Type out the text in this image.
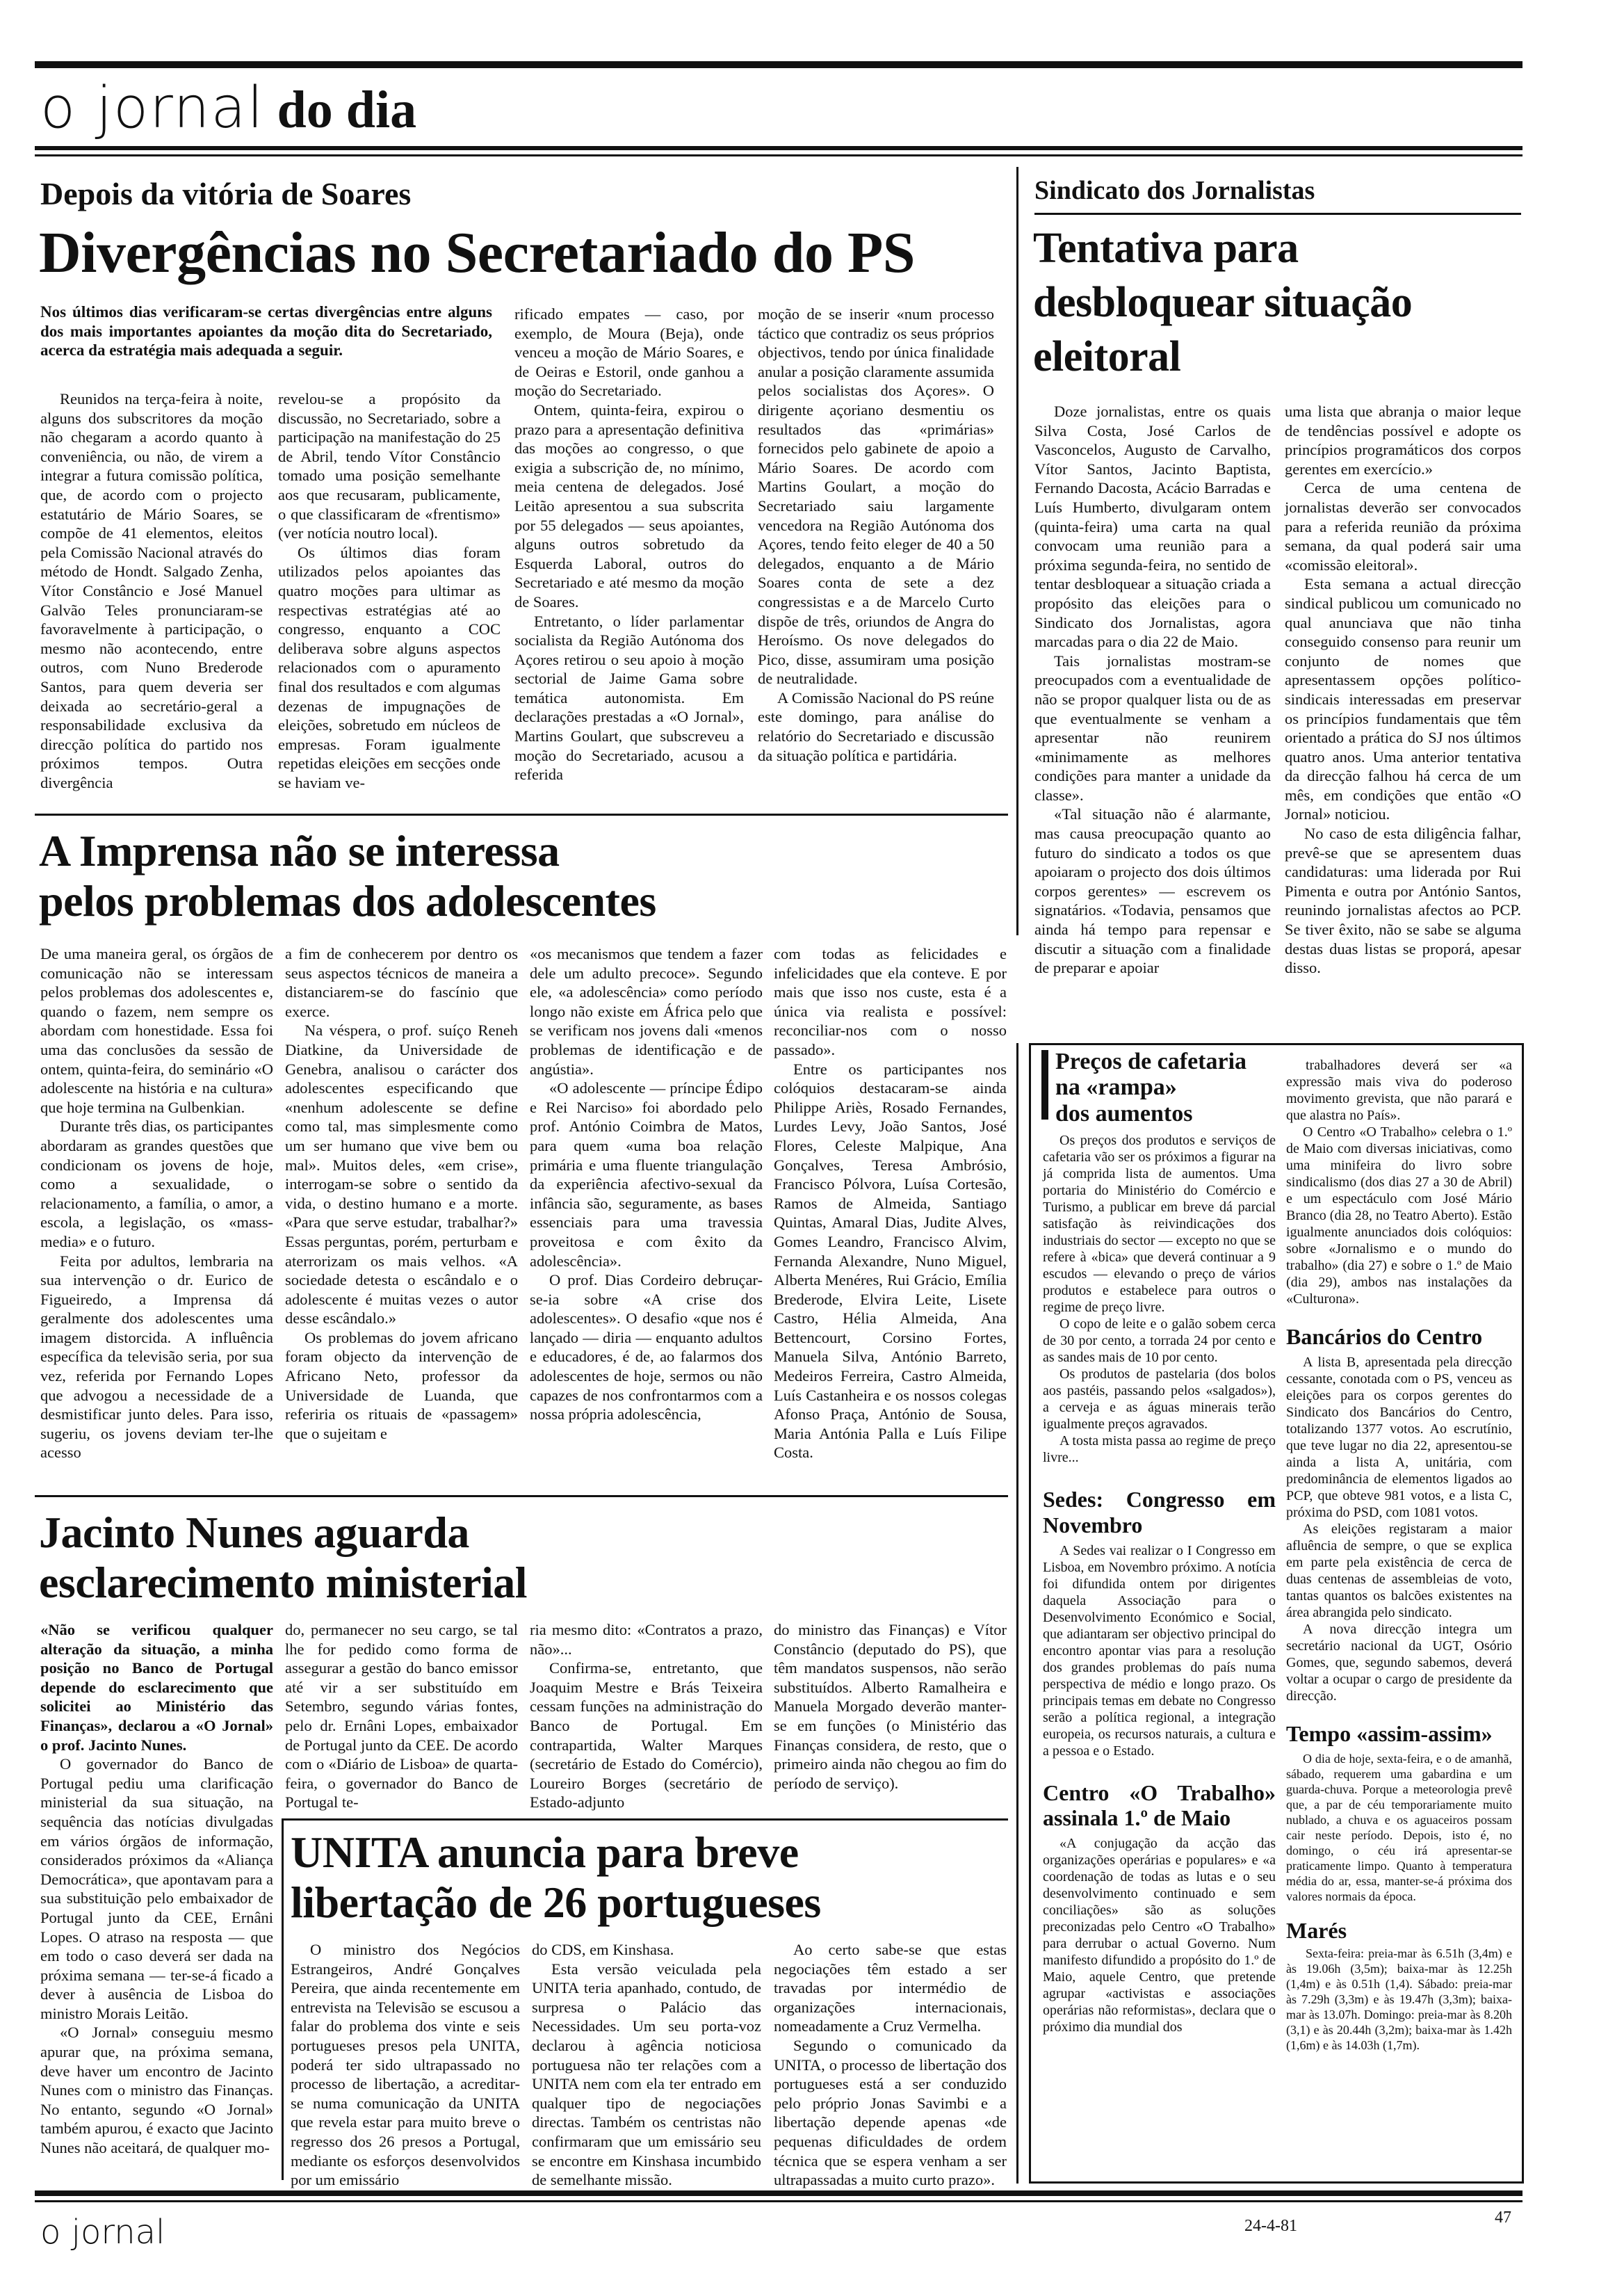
o jornal do dia
Depois da vitória de Soares
Divergências no Secretariado do PS

Nos últimos dias verificaram-se certas divergências entre alguns dos mais importantes apoiantes da moção dita do Secretariado, acerca da estratégia mais adequada a seguir.

Reunidos na terça-feira à noite, alguns dos subscritores da moção não chegaram a acordo quanto à conveniência, ou não, de virem a integrar a futura comissão política, que, de acordo com o projecto estatutário de Mário Soares, se compõe de 41 elementos, eleitos pela Comissão Nacional através do método de Hondt. Salgado Zenha, Vítor Constâncio e José Manuel Galvão Teles pronunciaram-se favoravelmente à participação, o mesmo não acontecendo, entre outros, com Nuno Brederode Santos, para quem deveria ser deixada ao secretário-geral a responsabilidade exclusiva da direcção política do partido nos próximos tempos. Outra divergência

revelou-se a propósito da discussão, no Secretariado, sobre a participação na manifestação do 25 de Abril, tendo Vítor Constâncio tomado uma posição semelhante aos que recusaram, publicamente, o que classificaram de «frentismo» (ver notícia noutro local).

Os últimos dias foram utilizados pelos apoiantes das quatro moções para ultimar as respectivas estratégias até ao congresso, enquanto a COC deliberava sobre alguns aspectos relacionados com o apuramento final dos resultados e com algumas dezenas de impugnações de eleições, sobretudo em núcleos de empresas. Foram igualmente repetidas eleições em secções onde se haviam ve-

rificado empates — caso, por exemplo, de Moura (Beja), onde venceu a moção de Mário Soares, e de Oeiras e Estoril, onde ganhou a moção do Secretariado.

Ontem, quinta-feira, expirou o prazo para a apresentação definitiva das moções ao congresso, o que exigia a subscrição de, no mínimo, meia centena de delegados. José Leitão apresentou a sua subscrita por 55 delegados — seus apoiantes, alguns outros sobretudo da Esquerda Laboral, outros do Secretariado e até mesmo da moção de Soares.

Entretanto, o líder parlamentar socialista da Região Autónoma dos Açores retirou o seu apoio à moção sectorial de Jaime Gama sobre temática autonomista. Em declarações prestadas a «O Jornal», Martins Goulart, que subscreveu a moção do Secretariado, acusou a referida

moção de se inserir «num processo táctico que contradiz os seus próprios objectivos, tendo por única finalidade anular a posição claramente assumida pelos socialistas dos Açores». O dirigente açoriano desmentiu os resultados das «primárias» fornecidos pelo gabinete de apoio a Mário Soares. De acordo com Martins Goulart, a moção do Secretariado saiu largamente vencedora na Região Autónoma dos Açores, tendo feito eleger de 40 a 50 delegados, enquanto a de Mário Soares conta de sete a dez congressistas e a de Marcelo Curto dispõe de três, oriundos de Angra do Heroísmo. Os nove delegados do Pico, disse, assumiram uma posição de neutralidade.

A Comissão Nacional do PS reúne este domingo, para análise do relatório do Secretariado e discussão da situação política e partidária.

Sindicato dos Jornalistas
Tentativa para desbloquear situação eleitoral

Doze jornalistas, entre os quais Silva Costa, José Carlos de Vasconcelos, Augusto de Carvalho, Vítor Santos, Jacinto Baptista, Fernando Dacosta, Acácio Barradas e Luís Humberto, divulgaram ontem (quinta-feira) uma carta na qual convocam uma reunião para a próxima segunda-feira, no sentido de tentar desbloquear a situação criada a propósito das eleições para o Sindicato dos Jornalistas, agora marcadas para o dia 22 de Maio.

Tais jornalistas mostram-se preocupados com a eventualidade de não se propor qualquer lista ou de as que eventualmente se venham a apresentar não reunirem «minimamente as melhores condições para manter a unidade da classe».

«Tal situação não é alarmante, mas causa preocupação quanto ao futuro do sindicato a todos os que apoiaram o projecto dos dois últimos corpos gerentes» — escrevem os signatários. «Todavia, pensamos que ainda há tempo para repensar e discutir a situação com a finalidade de preparar e apoiar

uma lista que abranja o maior leque de tendências possível e adopte os princípios programáticos dos corpos gerentes em exercício.»

Cerca de uma centena de jornalistas deverão ser convocados para a referida reunião da próxima semana, da qual poderá sair uma «comissão eleitoral».

Esta semana a actual direcção sindical publicou um comunicado no qual anunciava que não tinha conseguido consenso para reunir um conjunto de nomes que apresentassem opções político-sindicais interessadas em preservar os princípios fundamentais que têm orientado a prática do SJ nos últimos quatro anos. Uma anterior tentativa da direcção falhou há cerca de um mês, em condições que então «O Jornal» noticiou.

No caso de esta diligência falhar, prevê-se que se apresentem duas candidaturas: uma liderada por Rui Pimenta e outra por António Santos, reunindo jornalistas afectos ao PCP. Se tiver êxito, não se sabe se alguma destas duas listas se proporá, apesar disso.

A Imprensa não se interessa
pelos problemas dos adolescentes

De uma maneira geral, os órgãos de comunicação não se interessam pelos problemas dos adolescentes e, quando o fazem, nem sempre os abordam com honestidade. Essa foi uma das conclusões da sessão de ontem, quinta-feira, do seminário «O adolescente na história e na cultura» que hoje termina na Gulbenkian.

Durante três dias, os participantes abordaram as grandes questões que condicionam os jovens de hoje, como a sexualidade, o relacionamento, a família, o amor, a escola, a legislação, os «mass-media» e o futuro.

Feita por adultos, lembraria na sua intervenção o dr. Eurico de Figueiredo, a Imprensa dá geralmente dos adolescentes uma imagem distorcida. A influência específica da televisão seria, por sua vez, referida por Fernando Lopes que advogou a necessidade de a desmistificar junto deles. Para isso, sugeriu, os jovens deviam ter-lhe acesso

a fim de conhecerem por dentro os seus aspectos técnicos de maneira a distanciarem-se do fascínio que exerce.

Na véspera, o prof. suíço Reneh Diatkine, da Universidade de Genebra, analisou o carácter dos adolescentes especificando que «nenhum adolescente se define como tal, mas simplesmente como um ser humano que vive bem ou mal». Muitos deles, «em crise», interrogam-se sobre o sentido da vida, o destino humano e a morte. «Para que serve estudar, trabalhar?» Essas perguntas, porém, perturbam e aterrorizam os mais velhos. «A sociedade detesta o escândalo e o adolescente é muitas vezes o autor desse escândalo.»

Os problemas do jovem africano foram objecto da intervenção de Africano Neto, professor da Universidade de Luanda, que referiria os rituais de «passagem» que o sujeitam e

«os mecanismos que tendem a fazer dele um adulto precoce». Segundo ele, «a adolescência» como período longo não existe em África pelo que se verificam nos jovens dali «menos problemas de identificação e de angústia».

«O adolescente — príncipe Édipo e Rei Narciso» foi abordado pelo prof. António Coimbra de Matos, para quem «uma boa relação primária e uma fluente triangulação da experiência afectivo-sexual da infância são, seguramente, as bases essenciais para uma travessia proveitosa e com êxito da adolescência».

O prof. Dias Cordeiro debruçar-se-ia sobre «A crise dos adolescentes». O desafio «que nos é lançado — diria — enquanto adultos e educadores, é de, ao falarmos dos adolescentes de hoje, sermos ou não capazes de nos confrontarmos com a nossa própria adolescência,

com todas as felicidades e infelicidades que ela conteve. E por mais que isso nos custe, esta é a única via realista e possível: reconciliar-nos com o nosso passado».

Entre os participantes nos colóquios destacaram-se ainda Philippe Ariès, Rosado Fernandes, Lurdes Levy, João Santos, José Flores, Celeste Malpique, Ana Gonçalves, Teresa Ambrósio, Francisco Pólvora, Luísa Cortesão, Ramos de Almeida, Santiago Quintas, Amaral Dias, Judite Alves, Gomes Leandro, Francisco Alvim, Fernanda Alexandre, Nuno Miguel, Alberta Menéres, Rui Grácio, Emília Brederode, Elvira Leite, Lisete Castro, Hélia Almeida, Ana Bettencourt, Corsino Fortes, Manuela Silva, António Barreto, Medeiros Ferreira, Castro Almeida, Luís Castanheira e os nossos colegas Afonso Praça, António de Sousa, Maria Antónia Palla e Luís Filipe Costa.

Preços de cafetaria
na «rampa»
dos aumentos

Os preços dos produtos e serviços de cafetaria vão ser os próximos a figurar na já comprida lista de aumentos. Uma portaria do Ministério do Comércio e Turismo, a publicar em breve dá parcial satisfação às reivindicações dos industriais do sector — excepto no que se refere à «bica» que deverá continuar a 9 escudos — elevando o preço de vários produtos e estabelece para outros o regime de preço livre.

O copo de leite e o galão sobem cerca de 30 por cento, a torrada 24 por cento e as sandes mais de 10 por cento.

Os produtos de pastelaria (dos bolos aos pastéis, passando pelos «salgados»), a cerveja e as águas minerais terão igualmente preços agravados.

A tosta mista passa ao regime de preço livre...

Sedes: Congresso em Novembro

A Sedes vai realizar o I Congresso em Lisboa, em Novembro próximo. A notícia foi difundida ontem por dirigentes daquela Associação para o Desenvolvimento Económico e Social, que adiantaram ser objectivo principal do encontro apontar vias para a resolução dos grandes problemas do país numa perspectiva de médio e longo prazo. Os principais temas em debate no Congresso serão a política regional, a integração europeia, os recursos naturais, a cultura e a pessoa e o Estado.

Centro «O Trabalho» assinala 1.º de Maio

«A conjugação da acção das organizações operárias e populares» e «a coordenação de todas as lutas e o seu desenvolvimento continuado e sem conciliações» são as soluções preconizadas pelo Centro «O Trabalho» para derrubar o actual Governo. Num manifesto difundido a propósito do 1.º de Maio, aquele Centro, que pretende agrupar «activistas e associações operárias não reformistas», declara que o próximo dia mundial dos

trabalhadores deverá ser «a expressão mais viva do poderoso movimento grevista, que não parará e que alastra no País».

O Centro «O Trabalho» celebra o 1.º de Maio com diversas iniciativas, como uma minifeira do livro sobre sindicalismo (dos dias 27 a 30 de Abril) e um espectáculo com José Mário Branco (dia 28, no Teatro Aberto). Estão igualmente anunciados dois colóquios: sobre «Jornalismo e o mundo do trabalho» (dia 27) e sobre o 1.º de Maio (dia 29), ambos nas instalações da «Culturona».

Bancários do Centro

A lista B, apresentada pela direcção cessante, conotada com o PS, venceu as eleições para os corpos gerentes do Sindicato dos Bancários do Centro, totalizando 1377 votos. Ao escrutínio, que teve lugar no dia 22, apresentou-se ainda a lista A, unitária, com predominância de elementos ligados ao PCP, que obteve 981 votos, e a lista C, próxima do PSD, com 1081 votos.

As eleições registaram a maior afluência de sempre, o que se explica em parte pela existência de cerca de duas centenas de assembleias de voto, tantas quantos os balcões existentes na área abrangida pelo sindicato.

A nova direcção integra um secretário nacional da UGT, Osório Gomes, que, segundo sabemos, deverá voltar a ocupar o cargo de presidente da direcção.

Tempo «assim-assim»

O dia de hoje, sexta-feira, e o de amanhã, sábado, requerem uma gabardina e um guarda-chuva. Porque a meteorologia prevê que, a par de céu temporariamente muito nublado, a chuva e os aguaceiros possam cair neste período. Depois, isto é, no domingo, o céu irá apresentar-se praticamente limpo. Quanto à temperatura média do ar, essa, manter-se-á próxima dos valores normais da época.

Marés

Sexta-feira: preia-mar às 6.51h (3,4m) e às 19.06h (3,5m); baixa-mar às 12.25h (1,4m) e às 0.51h (1,4). Sábado: preia-mar às 7.29h (3,3m) e às 19.47h (3,3m); baixa-mar às 13.07h. Domingo: preia-mar às 8.20h (3,1) e às 20.44h (3,2m); baixa-mar às 1.42h (1,6m) e às 14.03h (1,7m).

Jacinto Nunes aguarda
esclarecimento ministerial

«Não se verificou qualquer alteração da situação, a minha posição no Banco de Portugal depende do esclarecimento que solicitei ao Ministério das Finanças», declarou a «O Jornal» o prof. Jacinto Nunes.

O governador do Banco de Portugal pediu uma clarificação ministerial da sua situação, na sequência das notícias divulgadas em vários órgãos de informação, considerados próximos da «Aliança Democrática», que apontavam para a sua substituição pelo embaixador de Portugal junto da CEE, Ernâni Lopes. O atraso na resposta — que em todo o caso deverá ser dada na próxima semana — ter-se-á ficado a dever à ausência de Lisboa do ministro Morais Leitão.

«O Jornal» conseguiu mesmo apurar que, na próxima semana, deve haver um encontro de Jacinto Nunes com o ministro das Finanças. No entanto, segundo «O Jornal» também apurou, é exacto que Jacinto Nunes não aceitará, de qualquer mo-

do, permanecer no seu cargo, se tal lhe for pedido como forma de assegurar a gestão do banco emissor até vir a ser substituído em Setembro, segundo várias fontes, pelo dr. Ernâni Lopes, embaixador de Portugal junto da CEE. De acordo com o «Diário de Lisboa» de quarta-feira, o governador do Banco de Portugal te-

ria mesmo dito: «Contratos a prazo, não»...

Confirma-se, entretanto, que Joaquim Mestre e Brás Teixeira cessam funções na administração do Banco de Portugal. Em contrapartida, Walter Marques (secretário de Estado do Comércio), Loureiro Borges (secretário de Estado-adjunto

do ministro das Finanças) e Vítor Constâncio (deputado do PS), que têm mandatos suspensos, não serão substituídos. Alberto Ramalheira e Manuela Morgado deverão manter-se em funções (o Ministério das Finanças considera, de resto, que o primeiro ainda não chegou ao fim do período de serviço).

UNITA anuncia para breve
libertação de 26 portugueses

O ministro dos Negócios Estrangeiros, André Gonçalves Pereira, que ainda recentemente em entrevista na Televisão se escusou a falar do problema dos vinte e seis portugueses presos pela UNITA, poderá ter sido ultrapassado no processo de libertação, a acreditar-se numa comunicação da UNITA que revela estar para muito breve o regresso dos 26 presos a Portugal, mediante os esforços desenvolvidos por um emissário

do CDS, em Kinshasa.

Esta versão veiculada pela UNITA teria apanhado, contudo, de surpresa o Palácio das Necessidades. Um seu porta-voz declarou à agência noticiosa portuguesa não ter relações com a UNITA nem com ela ter entrado em qualquer tipo de negociações directas. Também os centristas não confirmaram que um emissário seu se encontre em Kinshasa incumbido de semelhante missão.

Ao certo sabe-se que estas negociações têm estado a ser travadas por intermédio de organizações internacionais, nomeadamente a Cruz Vermelha.

Segundo o comunicado da UNITA, o processo de libertação dos portugueses está a ser conduzido pelo próprio Jonas Savimbi e a libertação depende apenas «de pequenas dificuldades de ordem técnica que se espera venham a ser ultrapassadas a muito curto prazo».

o jornal	24-4-81	47
